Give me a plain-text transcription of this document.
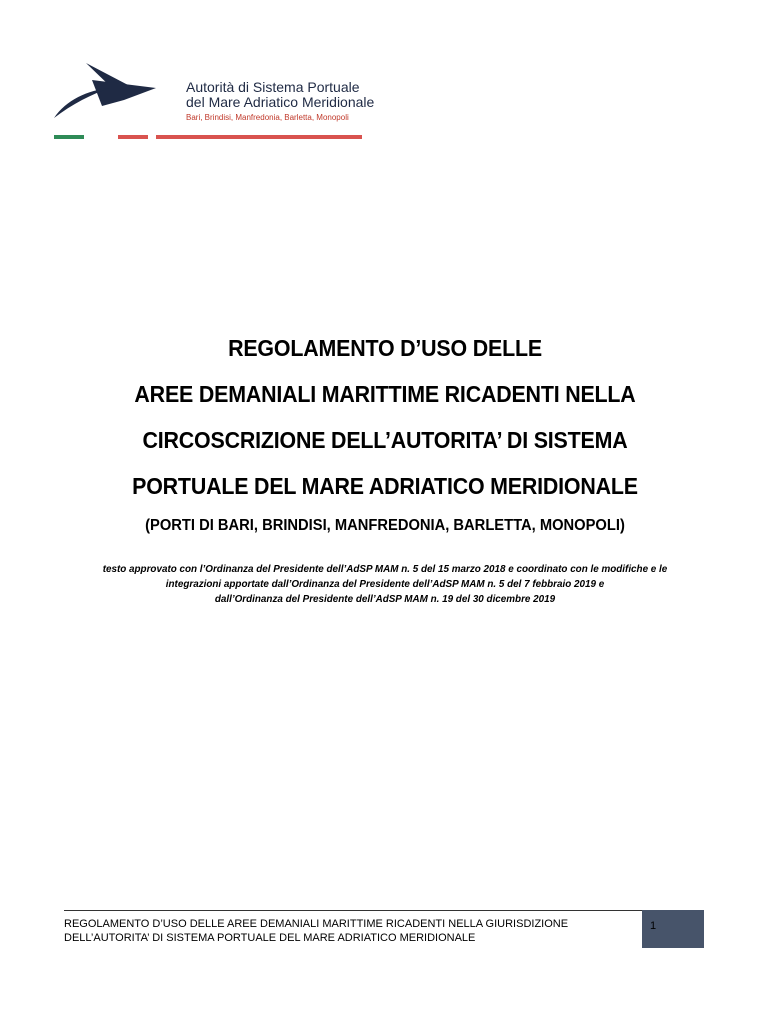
Autorità di Sistema Portuale
del Mare Adriatico Meridionale
Bari, Brindisi, Manfredonia, Barletta, Monopoli
REGOLAMENTO D’USO DELLE
AREE DEMANIALI MARITTIME RICADENTI NELLA
CIRCOSCRIZIONE DELL’AUTORITA’ DI SISTEMA
PORTUALE DEL MARE ADRIATICO MERIDIONALE
(PORTI DI BARI, BRINDISI, MANFREDONIA, BARLETTA, MONOPOLI)
testo approvato con l’Ordinanza del Presidente dell’AdSP MAM n. 5 del 15 marzo 2018 e coordinato con le modifiche e le
integrazioni apportate dall’Ordinanza del Presidente dell’AdSP MAM n. 5 del 7 febbraio 2019 e
dall’Ordinanza del Presidente dell’AdSP MAM n. 19 del 30 dicembre 2019
REGOLAMENTO D’USO DELLE AREE DEMANIALI MARITTIME RICADENTI NELLA GIURISDIZIONE
DELL’AUTORITA’ DI SISTEMA PORTUALE DEL MARE ADRIATICO MERIDIONALE
1
